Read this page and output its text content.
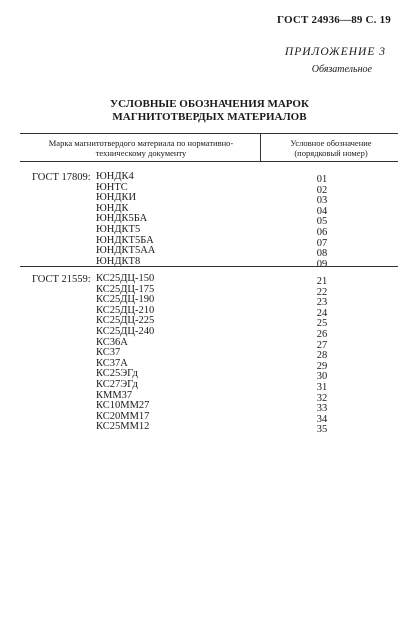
ГОСТ 24936—89 С. 19
ПРИЛОЖЕНИЕ 3
Обязательное
УСЛОВНЫЕ ОБОЗНАЧЕНИЯ МАРОК
МАГНИТОТВЕРДЫХ МАТЕРИАЛОВ
Марка магнитотвердого материала по нормативно-
техническому документу
Условное обозначение
(порядковый номер)
ГОСТ 17809: ЮНДК4
ЮНТС
ЮНДКИ
ЮНДК
ЮНДК5БА
ЮНДКТ5
ЮНДКТ5БА
ЮНДКТ5АА
ЮНДКТ8
01
02
03
04
05
06
07
08
09
ГОСТ 21559: КС25ДЦ-150
КС25ДЦ-175
КС25ДЦ-190
КС25ДЦ-210
КС25ДЦ-225
КС25ДЦ-240
КС36А
КС37
КС37А
КС25ЭГд
КС27ЭГд
КММ37
КС10ММ27
КС20ММ17
КС25ММ12
21
22
23
24
25
26
27
28
29
30
31
32
33
34
35
